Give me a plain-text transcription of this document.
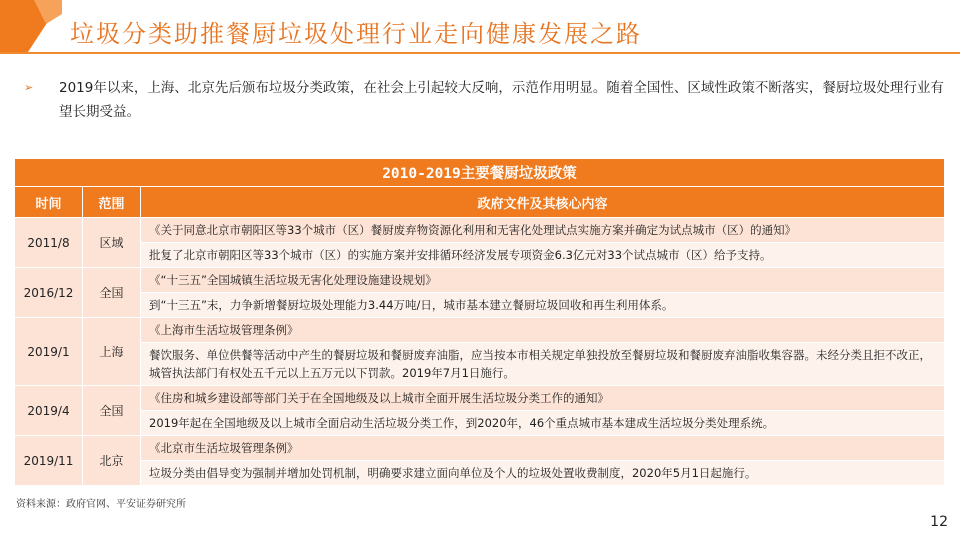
垃圾分类助推餐厨垃圾处理行业走向健康发展之路
➢	2019年以来，上海、北京先后颁布垃圾分类政策，在社会上引起较大反响，示范作用明显。随着全国性、区域性政策不断落实，餐厨垃圾处理行业有望长期受益。
2010-2019主要餐厨垃圾政策		
时间	范围	政府文件及其核心内容
2011/8	区域	《关于同意北京市朝阳区等33个城市（区）餐厨废弃物资源化利用和无害化处理试点实施方案并确定为试点城市（区）的通知》
		批复了北京市朝阳区等33个城市（区）的实施方案并安排循环经济发展专项资金6.3亿元对33个试点城市（区）给予支持。
2016/12	全国	《“十三五”全国城镇生活垃圾无害化处理设施建设规划》
		到“十三五”末，力争新增餐厨垃圾处理能力3.44万吨/日，城市基本建立餐厨垃圾回收和再生利用体系。
2019/1	上海	《上海市生活垃圾管理条例》
		餐饮服务、单位供餐等活动中产生的餐厨垃圾和餐厨废弃油脂，应当按本市相关规定单独投放至餐厨垃圾和餐厨废弃油脂收集容器。未经分类且拒不改正，城管执法部门有权处五千元以上五万元以下罚款。2019年7月1日施行。
2019/4	全国	《住房和城乡建设部等部门关于在全国地级及以上城市全面开展生活垃圾分类工作的通知》
		2019年起在全国地级及以上城市全面启动生活垃圾分类工作，到2020年，46个重点城市基本建成生活垃圾分类处理系统。
2019/11	北京	《北京市生活垃圾管理条例》
		垃圾分类由倡导变为强制并增加处罚机制，明确要求建立面向单位及个人的垃圾处置收费制度，2020年5月1日起施行。
资料来源：政府官网、平安证券研究所
12
